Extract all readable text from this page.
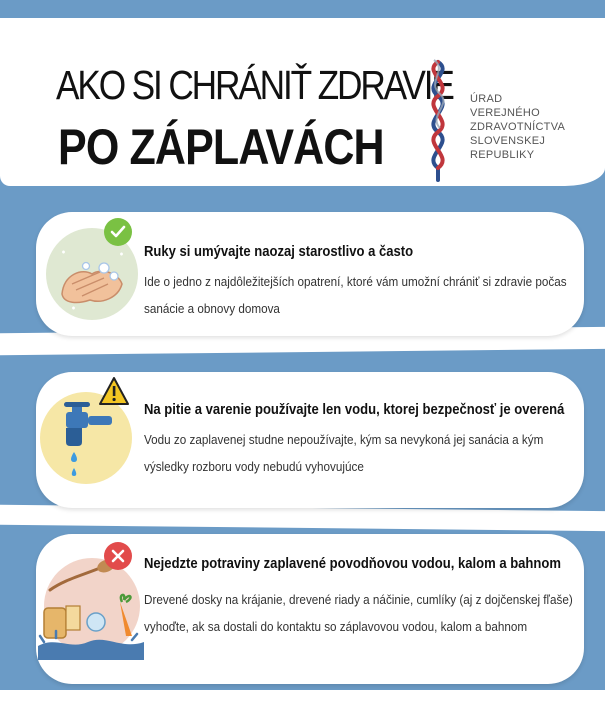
AKO SI CHRÁNIŤ ZDRAVIE
PO ZÁPLAVÁCH
ÚRAD
VEREJNÉHO
ZDRAVOTNÍCTVA
SLOVENSKEJ
REPUBLIKY
Ruky si umývajte naozaj starostlivo a často
Ide o jedno z najdôležitejších opatrení, ktoré vám umožní chrániť si zdravie počas sanácie a obnovy domova
Na pitie a varenie používajte len vodu, ktorej bezpečnosť je overená
Vodu zo zaplavenej studne nepoužívajte, kým sa nevykoná jej sanácia a kým výsledky rozboru vody nebudú vyhovujúce
Nejedzte potraviny zaplavené povodňovou vodou, kalom a bahnom
Drevené dosky na krájanie, drevené riady a náčinie, cumlíky (aj z dojčenskej fľaše) vyhoďte, ak sa dostali do kontaktu so záplavovou vodou, kalom a bahnom
